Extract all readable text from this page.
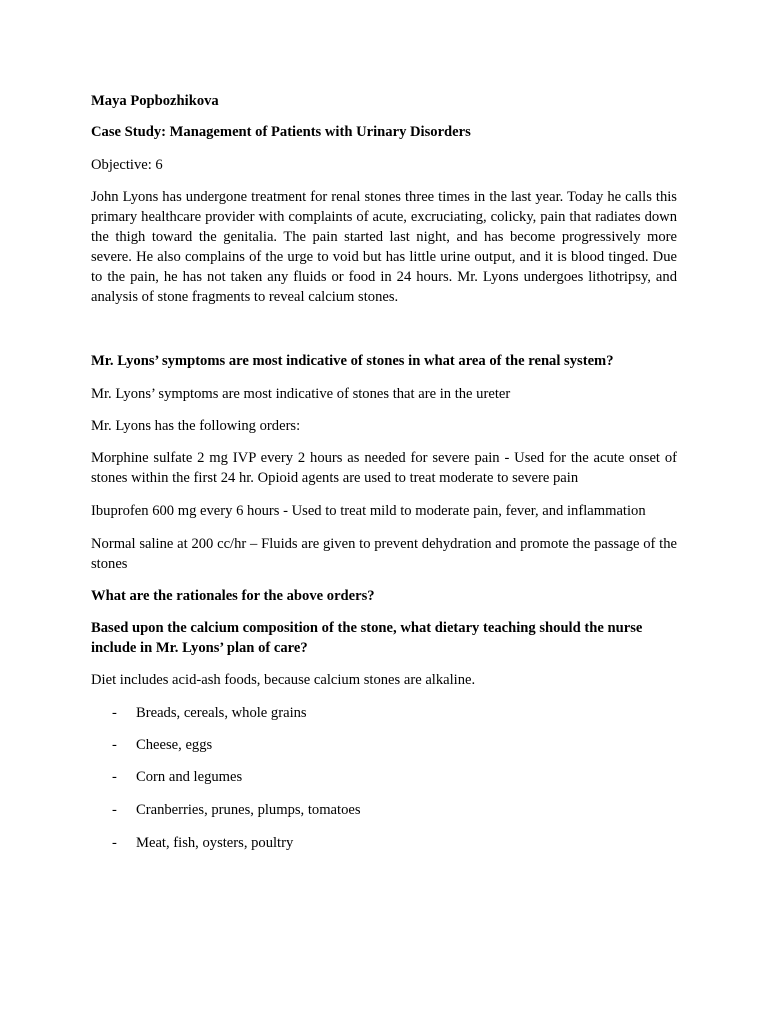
Maya Popbozhikova

Case Study: Management of Patients with Urinary Disorders

Objective: 6

John Lyons has undergone treatment for renal stones three times in the last year. Today he calls this primary healthcare provider with complaints of acute, excruciating, colicky, pain that radiates down the thigh toward the genitalia. The pain started last night, and has become progressively more severe. He also complains of the urge to void but has little urine output, and it is blood tinged. Due to the pain, he has not taken any fluids or food in 24 hours. Mr. Lyons undergoes lithotripsy, and analysis of stone fragments to reveal calcium stones.

Mr. Lyons’ symptoms are most indicative of stones in what area of the renal system?

Mr. Lyons’ symptoms are most indicative of stones that are in the ureter

Mr. Lyons has the following orders:

Morphine sulfate 2 mg IVP every 2 hours as needed for severe pain - Used for the acute onset of stones within the first 24 hr. Opioid agents are used to treat moderate to severe pain

Ibuprofen 600 mg every 6 hours - Used to treat mild to moderate pain, fever, and inflammation

Normal saline at 200 cc/hr – Fluids are given to prevent dehydration and promote the passage of the stones

What are the rationales for the above orders?

Based upon the calcium composition of the stone, what dietary teaching should the nurse include in Mr. Lyons’ plan of care?

Diet includes acid-ash foods, because calcium stones are alkaline.

- Breads, cereals, whole grains
- Cheese, eggs
- Corn and legumes
- Cranberries, prunes, plumps, tomatoes
- Meat, fish, oysters, poultry
